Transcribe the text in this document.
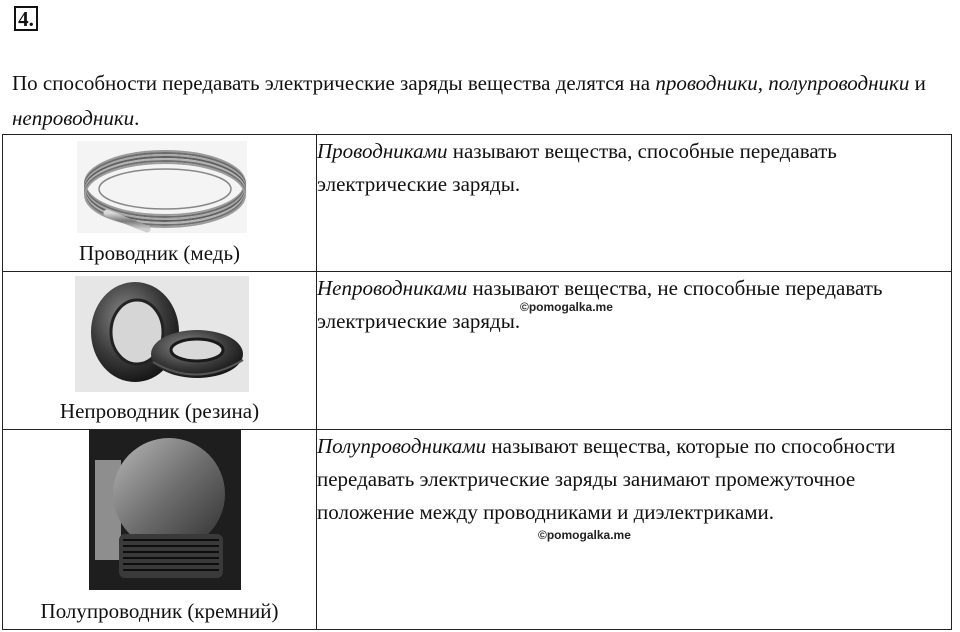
4.
По способности передавать электрические заряды вещества делятся на проводники, полупроводники и непроводники.
Проводник (медь)	Проводниками называют вещества, способные передавать электрические заряды.

Непроводник (резина)	Непроводниками называют вещества, не способные передавать электрические заряды.

Полупроводник (кремний)	Полупроводниками называют вещества, которые по способности передавать электрические заряды занимают промежуточное положение между проводниками и диэлектриками.
©pomogalka.me
©pomogalka.me
